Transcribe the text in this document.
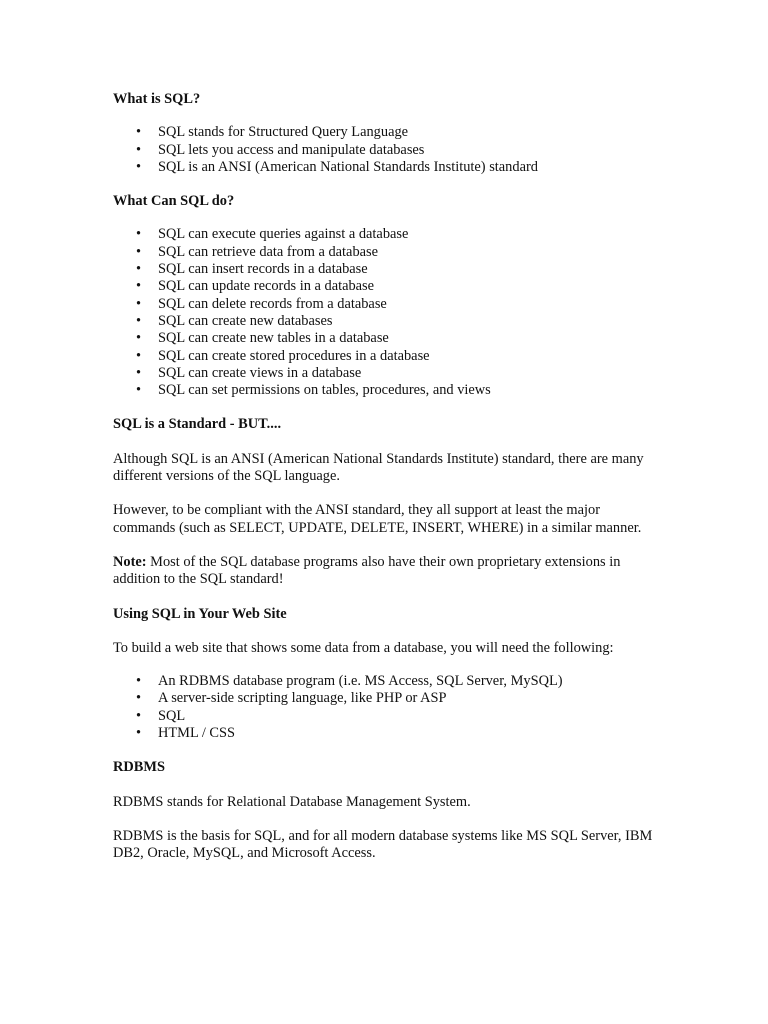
What is SQL?
• SQL stands for Structured Query Language
• SQL lets you access and manipulate databases
• SQL is an ANSI (American National Standards Institute) standard
What Can SQL do?
• SQL can execute queries against a database
• SQL can retrieve data from a database
• SQL can insert records in a database
• SQL can update records in a database
• SQL can delete records from a database
• SQL can create new databases
• SQL can create new tables in a database
• SQL can create stored procedures in a database
• SQL can create views in a database
• SQL can set permissions on tables, procedures, and views
SQL is a Standard - BUT....

Although SQL is an ANSI (American National Standards Institute) standard, there are many different versions of the SQL language.

However, to be compliant with the ANSI standard, they all support at least the major commands (such as SELECT, UPDATE, DELETE, INSERT, WHERE) in a similar manner.

Note: Most of the SQL database programs also have their own proprietary extensions in addition to the SQL standard!

Using SQL in Your Web Site

To build a web site that shows some data from a database, you will need the following:

• An RDBMS database program (i.e. MS Access, SQL Server, MySQL)
• A server-side scripting language, like PHP or ASP
• SQL
• HTML / CSS
RDBMS

RDBMS stands for Relational Database Management System.

RDBMS is the basis for SQL, and for all modern database systems like MS SQL Server, IBM DB2, Oracle, MySQL, and Microsoft Access.
